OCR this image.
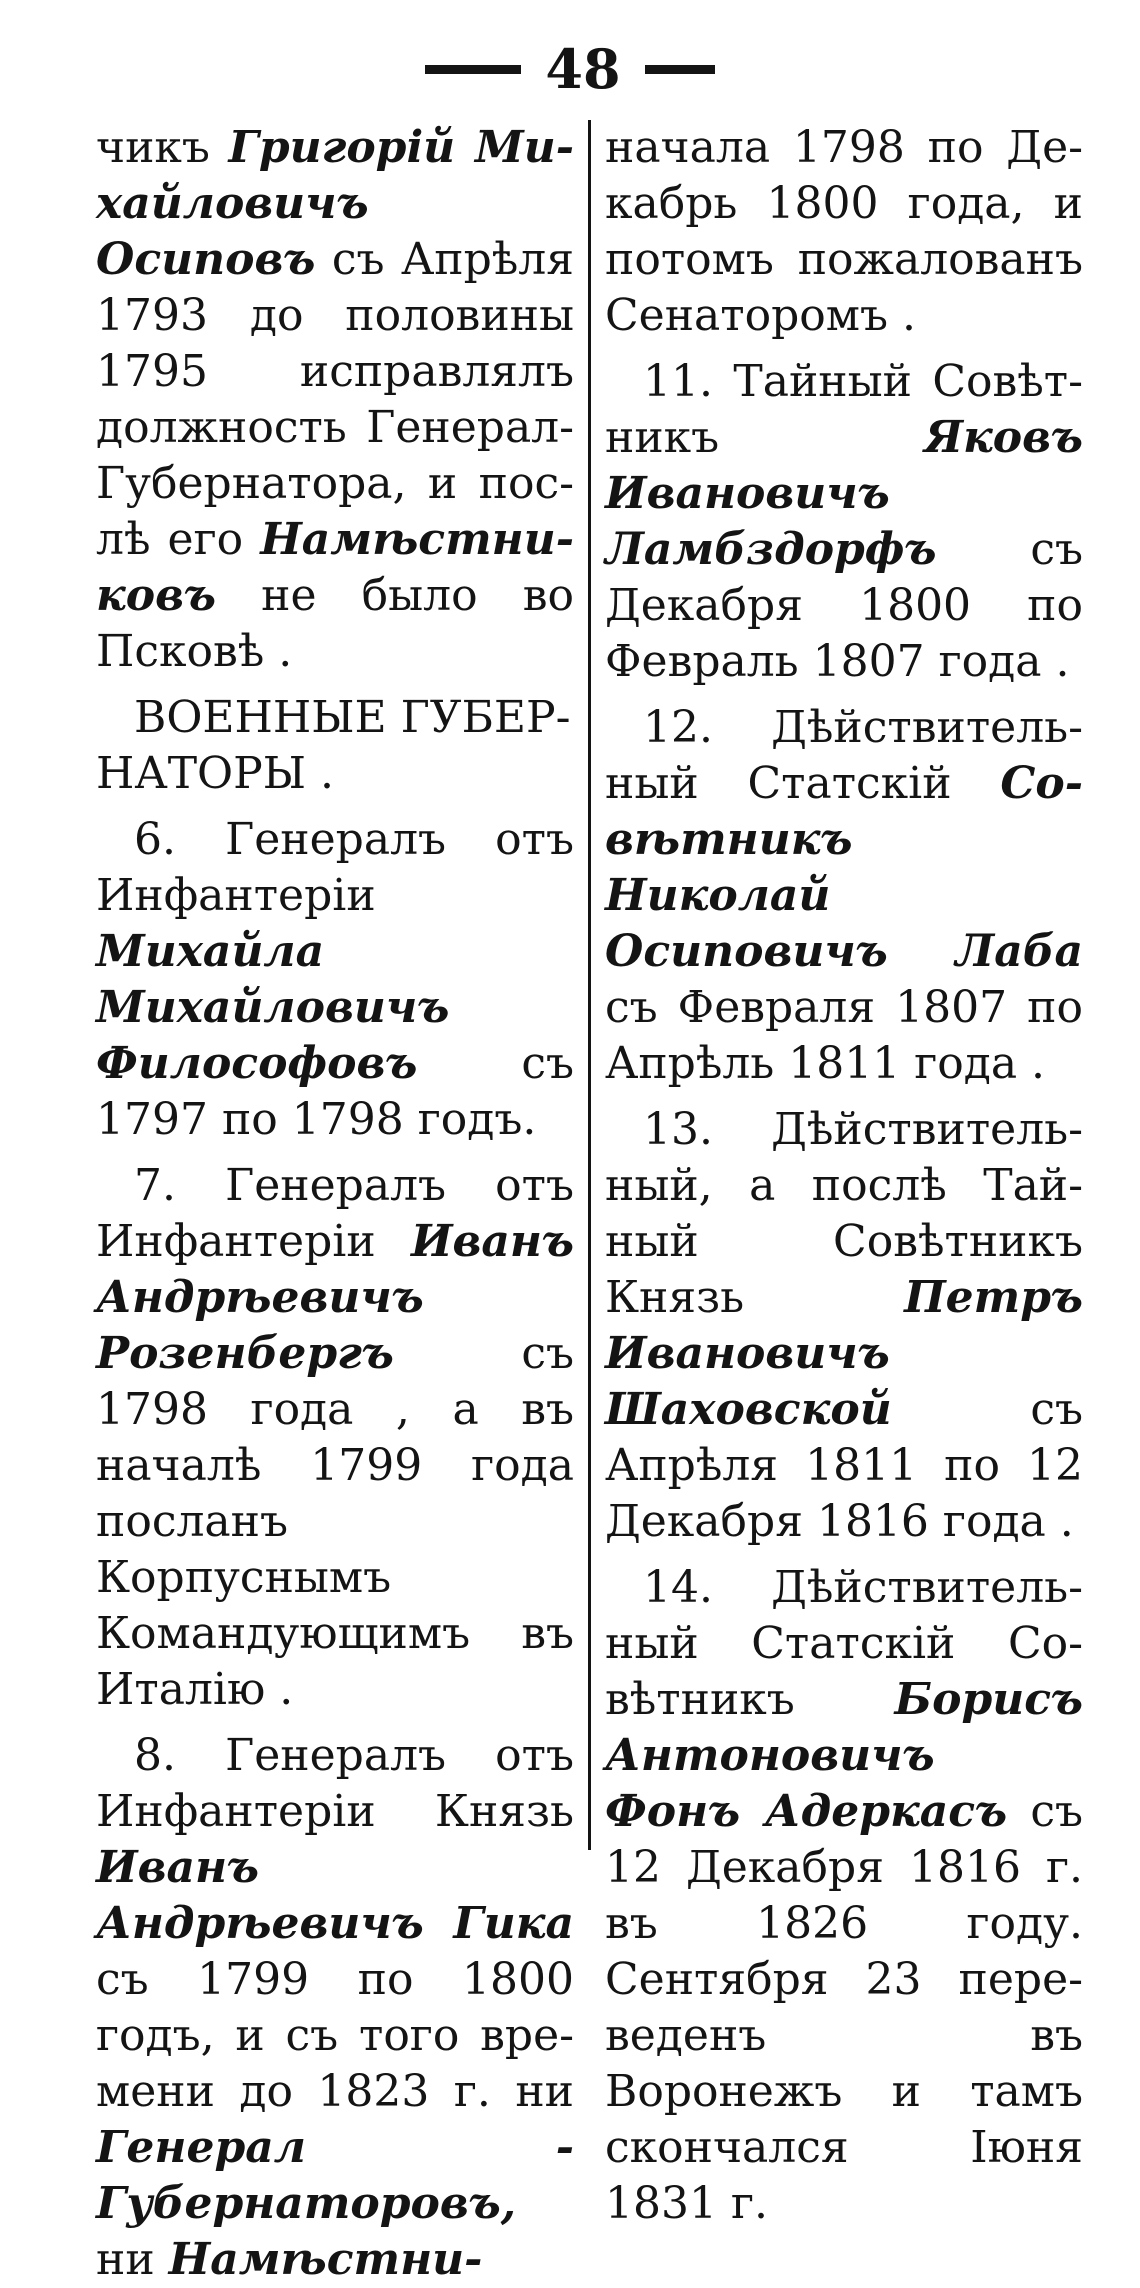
48

чикъ Григорій Михайловичъ Осиповъ съ Апрѣля 1793 до половины 1795 исправлялъ должность Генерал-Губернатора, и послѣ его Намѣстниковъ не было во Псковѣ .

ВОЕННЫЕ ГУБЕРНАТОРЫ .

6. Генералъ отъ Инфантеріи Михайла Михайловичъ Философовъ съ 1797 по 1798 годъ.

7. Генералъ отъ Инфантеріи Иванъ Андрѣевичъ Розенбергъ съ 1798 года , а въ началѣ 1799 года посланъ Корпуснымъ Командующимъ въ Италію .

8. Генералъ отъ Инфантеріи Князь Иванъ Андрѣевичъ Гика съ 1799 по 1800 годъ, и съ того времени до 1823 г. ни Генерал - Губернаторовъ, ни Намѣстни-

начала 1798 по Декабрь 1800 года, и потомъ пожалованъ Сенаторомъ .

11. Тайный Совѣтникъ Яковъ Ивановичъ Ламбздорфъ съ Декабря 1800 по Февраль 1807 года .

12. Дѣйствительный Статскій Совѣтникъ Николай Осиповичъ Лаба съ Февраля 1807 по Апрѣль 1811 года .

13. Дѣйствительный, а послѣ Тайный Совѣтникъ Князь Петръ Ивановичъ Шаховской съ Апрѣля 1811 по 12 Декабря 1816 года .

14. Дѣйствительный Статскій Совѣтникъ Борисъ Антоновичъ Фонъ Адеркасъ съ 12 Декабря 1816 г. въ 1826 году. Сентября 23 переведенъ въ Воронежъ и тамъ скончался Іюня 1831 г.
